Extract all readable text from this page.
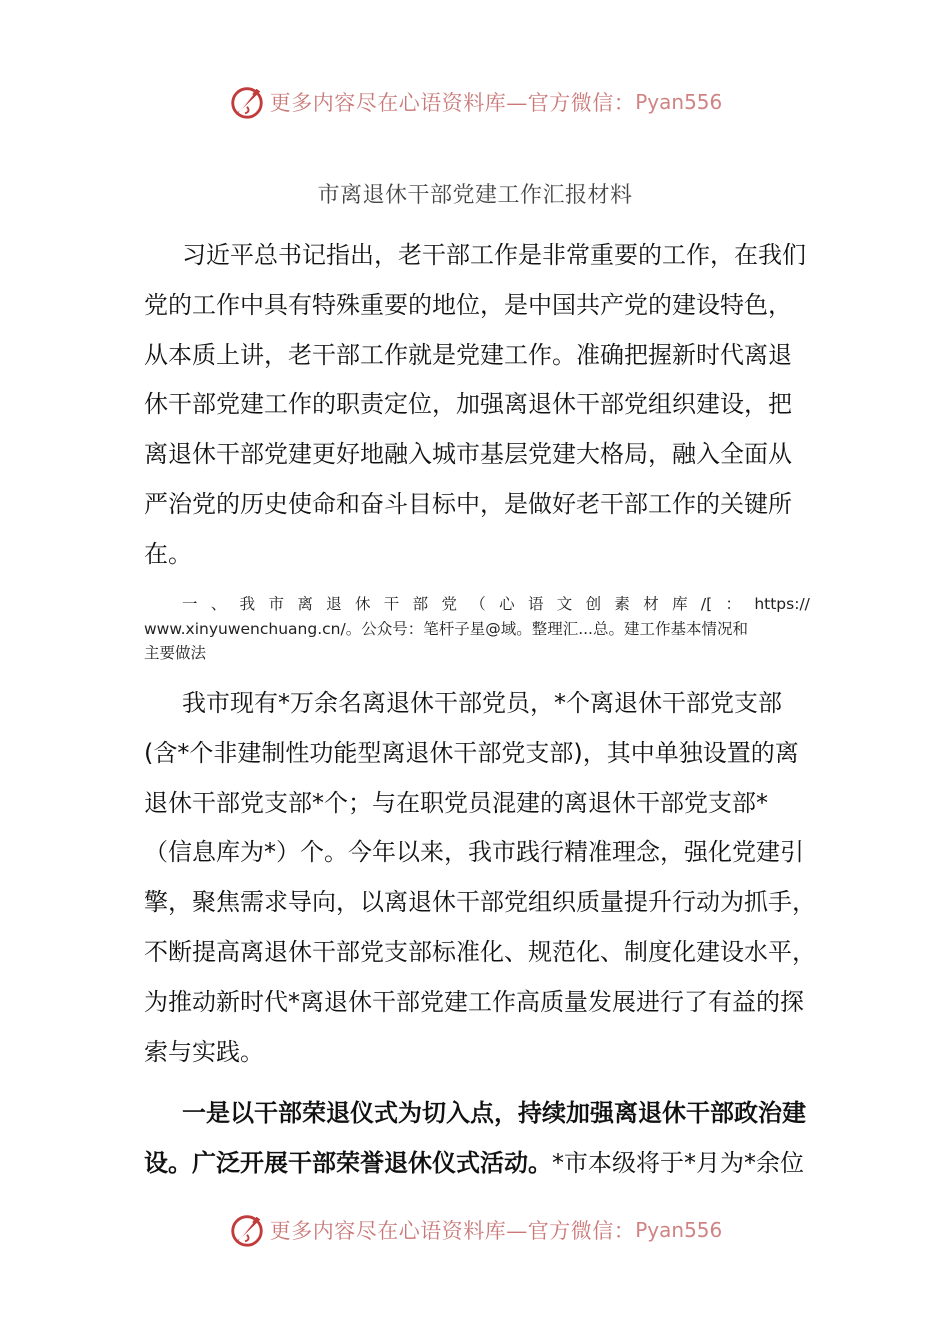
更多内容尽在心语资料库—官方微信： Pyan556
市离退休干部党建工作汇报材料
习近平总书记指出，老干部工作是非常重要的工作，在我们
党的工作中具有特殊重要的地位，是中国共产党的建设特色，
从本质上讲，老干部工作就是党建工作。准确把握新时代离退
休干部党建工作的职责定位，加强离退休干部党组织建设，把
离退休干部党建更好地融入城市基层党建大格局，融入全面从
严治党的历史使命和奋斗目标中，是做好老干部工作的关键所
在。
一 、 我 市 离 退 休 干 部 党 （ 心 语 文 创 素 材 库 /[ ： https://
www.xinyuwenchuang.cn/。公众号：笔杆子星@域。整理汇...总。建工作基本情况和
主要做法
我市现有*万余名离退休干部党员，*个离退休干部党支部
(含*个非建制性功能型离退休干部党支部)，其中单独设置的离
退休干部党支部*个；与在职党员混建的离退休干部党支部*
（信息库为*）个。今年以来，我市践行精准理念，强化党建引
擎，聚焦需求导向，以离退休干部党组织质量提升行动为抓手，
不断提高离退休干部党支部标准化、规范化、制度化建设水平，
为推动新时代*离退休干部党建工作高质量发展进行了有益的探
索与实践。
一是以干部荣退仪式为切入点，持续加强离退休干部政治建
设。广泛开展干部荣誉退休仪式活动。*市本级将于*月为*余位
更多内容尽在心语资料库—官方微信： Pyan556
